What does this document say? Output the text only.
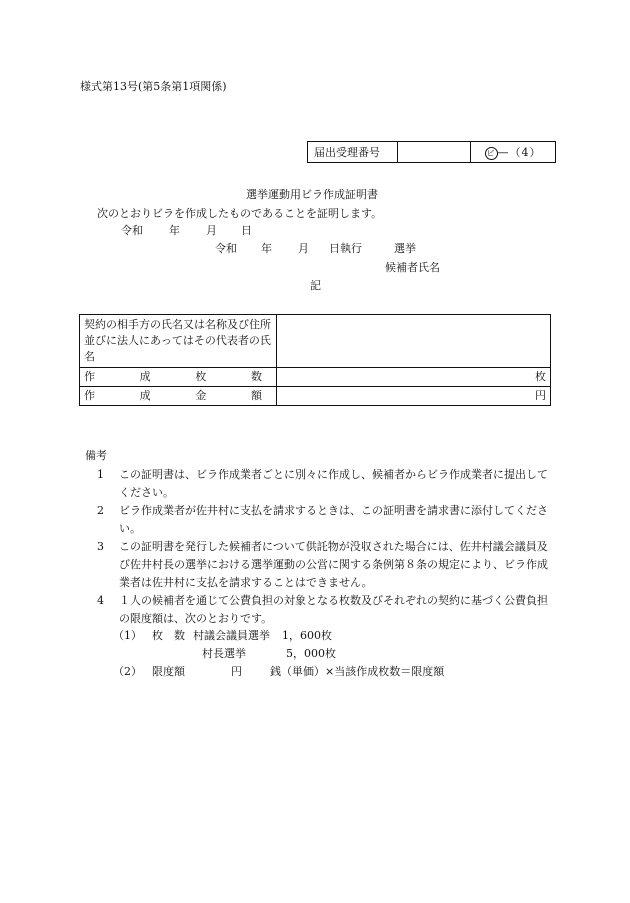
様式第13号(第5条第1項関係)
届出受理番号		ビ —（4）
選挙運動用ビラ作成証明書
次のとおりビラを作成したものであることを証明します。
令和 年 月 日
令和 年 月 日執行	選挙
候補者氏名
記
契約の相手方の氏名又は名称及び住所並びに法人にあってはその代表者の氏名	

作 成 枚 数	枚

作 成 金 額	円
備考
1 この証明書は、ビラ作成業者ごとに別々に作成し、候補者からビラ作成業者に提出してください。
2 ビラ作成業者が佐井村に支払を請求するときは、この証明書を請求書に添付してください。
3 この証明書を発行した候補者について供託物が没収された場合には、佐井村議会議員及び佐井村長の選挙における選挙運動の公営に関する条例第８条の規定により、ビラ作成業者は佐井村に支払を請求することはできません。
4 １人の候補者を通じて公費負担の対象となる枚数及びそれぞれの契約に基づく公費負担の限度額は、次のとおりです。
（1） 枚　数 村議会議員選挙 1，600枚
村長選挙	5，000枚
（2） 限度額	円	銭（単価）×当該作成枚数＝限度額
